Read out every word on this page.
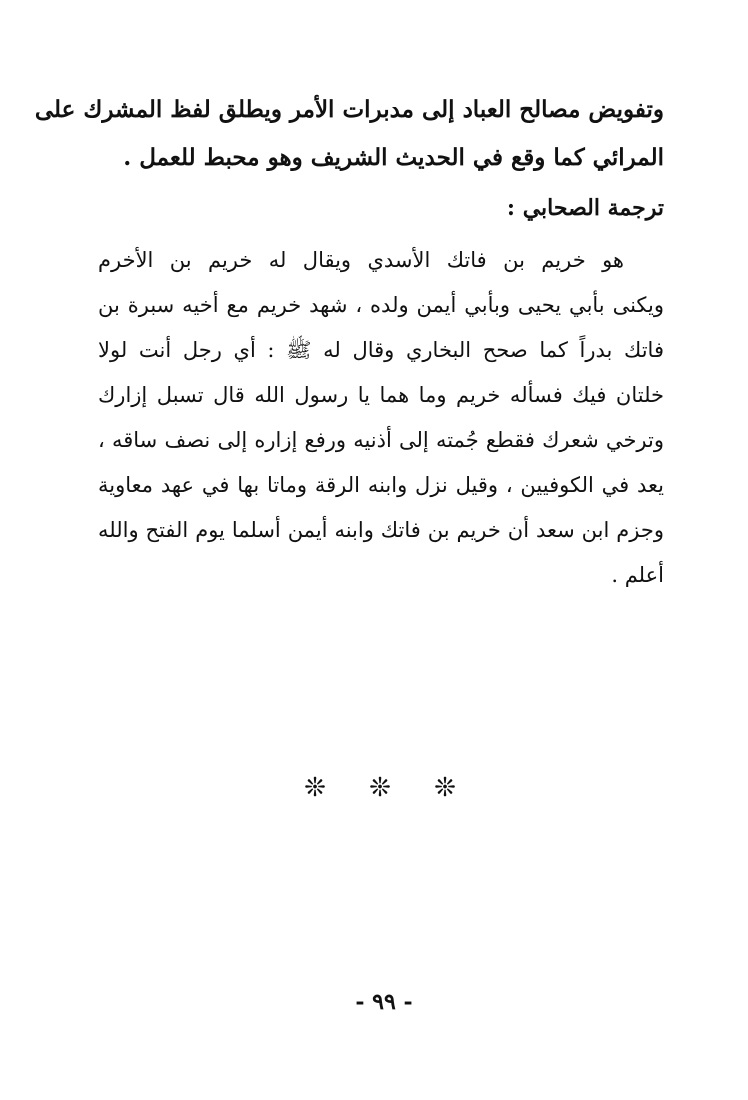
وتفويض مصالح العباد إلى مدبرات الأمر ويطلق لفظ المشرك على
المرائي كما وقع في الحديث الشريف وهو محبط للعمل .
ترجمة الصحابي :
هو خريم بن فاتك الأسدي ويقال له خريم بن الأخرم
ويكنى بأبي يحيى وبأبي أيمن ولده ، شهد خريم مع أخيه سبرة بن
فاتك بدراً كما صحح البخاري وقال له ﷺ : أي رجل أنت لولا
خلتان فيك فسأله خريم وما هما يا رسول الله قال تسبل إزارك
وترخي شعرك فقطع جُمته إلى أذنيه ورفع إزاره إلى نصف ساقه ،
يعد في الكوفيين ، وقيل نزل وابنه الرقة وماتا بها في عهد معاوية
وجزم ابن سعد أن خريم بن فاتك وابنه أيمن أسلما يوم الفتح والله
أعلم .
❊ ❊ ❊
- ٩٩ -
